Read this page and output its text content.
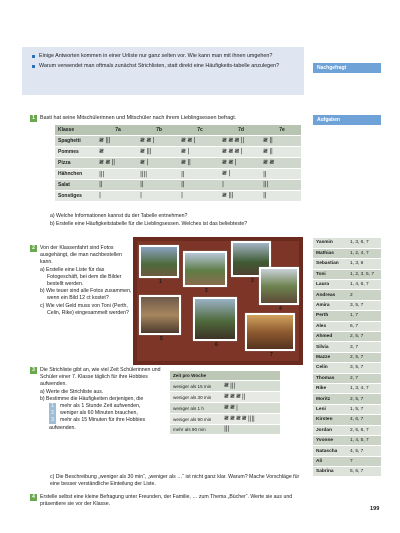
Einige Antworten kommen in einer Urliste nur ganz selten vor. Wie kann man mit ihnen umgehen?
Warum verwendet man oftmals zunächst Strichlisten, statt direkt eine Häufigkeits-tabelle anzulegen?	Nachgefragt
1 Basti hat seine Mitschülerinnen und Mitschüler nach ihrem Lieblingsessen befragt.	Aufgaben
Klasse	7a	7b	7c	7d	7e
Spaghetti	𝍸 |||	𝍸 𝍸 |	𝍸 𝍸 |	𝍸 𝍸 𝍸 ||	𝍸 ||
Pommes	𝍸	𝍸 |||	𝍸 |	𝍸 𝍸 𝍸 |	𝍸 ||
Pizza	𝍸 𝍸 ||	𝍸 |	𝍸 ||	𝍸 𝍸 |	𝍸 𝍸
Hähnchen	|||	||||	||	𝍸 |	||
Salat	||	||	||	|	|||
Sonstiges	|	|	|	𝍸 |||	||
a) Welche Informationen kannst du der Tabelle entnehmen?
b) Erstelle eine Häufigkeitstabelle für die Lieblingsessen. Welches ist das beliebteste?
2 Von der Klassenfahrt sind Fotos ausgehängt, die man nachbestellen kann.
a) Erstelle eine Liste für das Fotogeschäft, bei dem die Bilder bestellt werden.
b) Wie teuer sind alle Fotos zusammen, wenn ein Bild 12 ct kostet?
c) Wie viel Geld muss von Toni (Perth, Celin, Rike) eingesammelt werden?
1
2
3
4
5
6
7
3 Die Strichliste gibt an, wie viel Zeit Schülerinnen und Schüler einer 7. Klasse täglich für ihre Hobbies aufwenden.
a) Werte die Strichliste aus.
b) Bestimme die Häufigkeiten derjenigen, die
1 mehr als 1 Stunde Zeit aufwenden,
2 weniger als 60 Minuten brauchen,
3 mehr als 15 Minuten für ihre Hobbies aufwenden.
Zeit pro Woche	
weniger als 15 min	𝍸 |||
weniger als 30 min	𝍸 𝍸 𝍸 ||
weniger als 1 h	𝍸 𝍸 |
weniger als 90 min	𝍸 𝍸 𝍸 𝍸 ||||
mehr als 90 min	|||
c) Die Beschreibung „weniger als 30 min“, „weniger als …“ ist nicht ganz klar. Warum? Mache Vorschläge für eine besser verständliche Einteilung der Liste.
4 Erstelle selbst eine kleine Befragung unter Freunden, der Familie, … zum Thema „Bücher“. Werte sie aus und präsentiere sie vor der Klasse.
Yasmin	1, 3, 6, 7
Mathias	1, 2, 4, 7
Sebastian	1, 3, 6
Toni	1, 2, 3, 5, 7
Laura	1, 4, 6, 7
Andreas	2
Amira	3, 5, 7
Perth	1, 7
Alex	6, 7
Ahmed	2, 5, 7
Silvia	3, 7
Mazze	2, 5, 7
Celin	3, 5, 7
Thomas	2, 7
Rike	1, 3, 4, 7
Moritz	2, 5, 7
Leni	1, 5, 7
Kirsten	4, 6, 7
Jordan	2, 5, 6, 7
Yvonne	1, 4, 5, 7
Natascha	4, 5, 7
Ali	7
Sabrina	5, 6, 7
199
